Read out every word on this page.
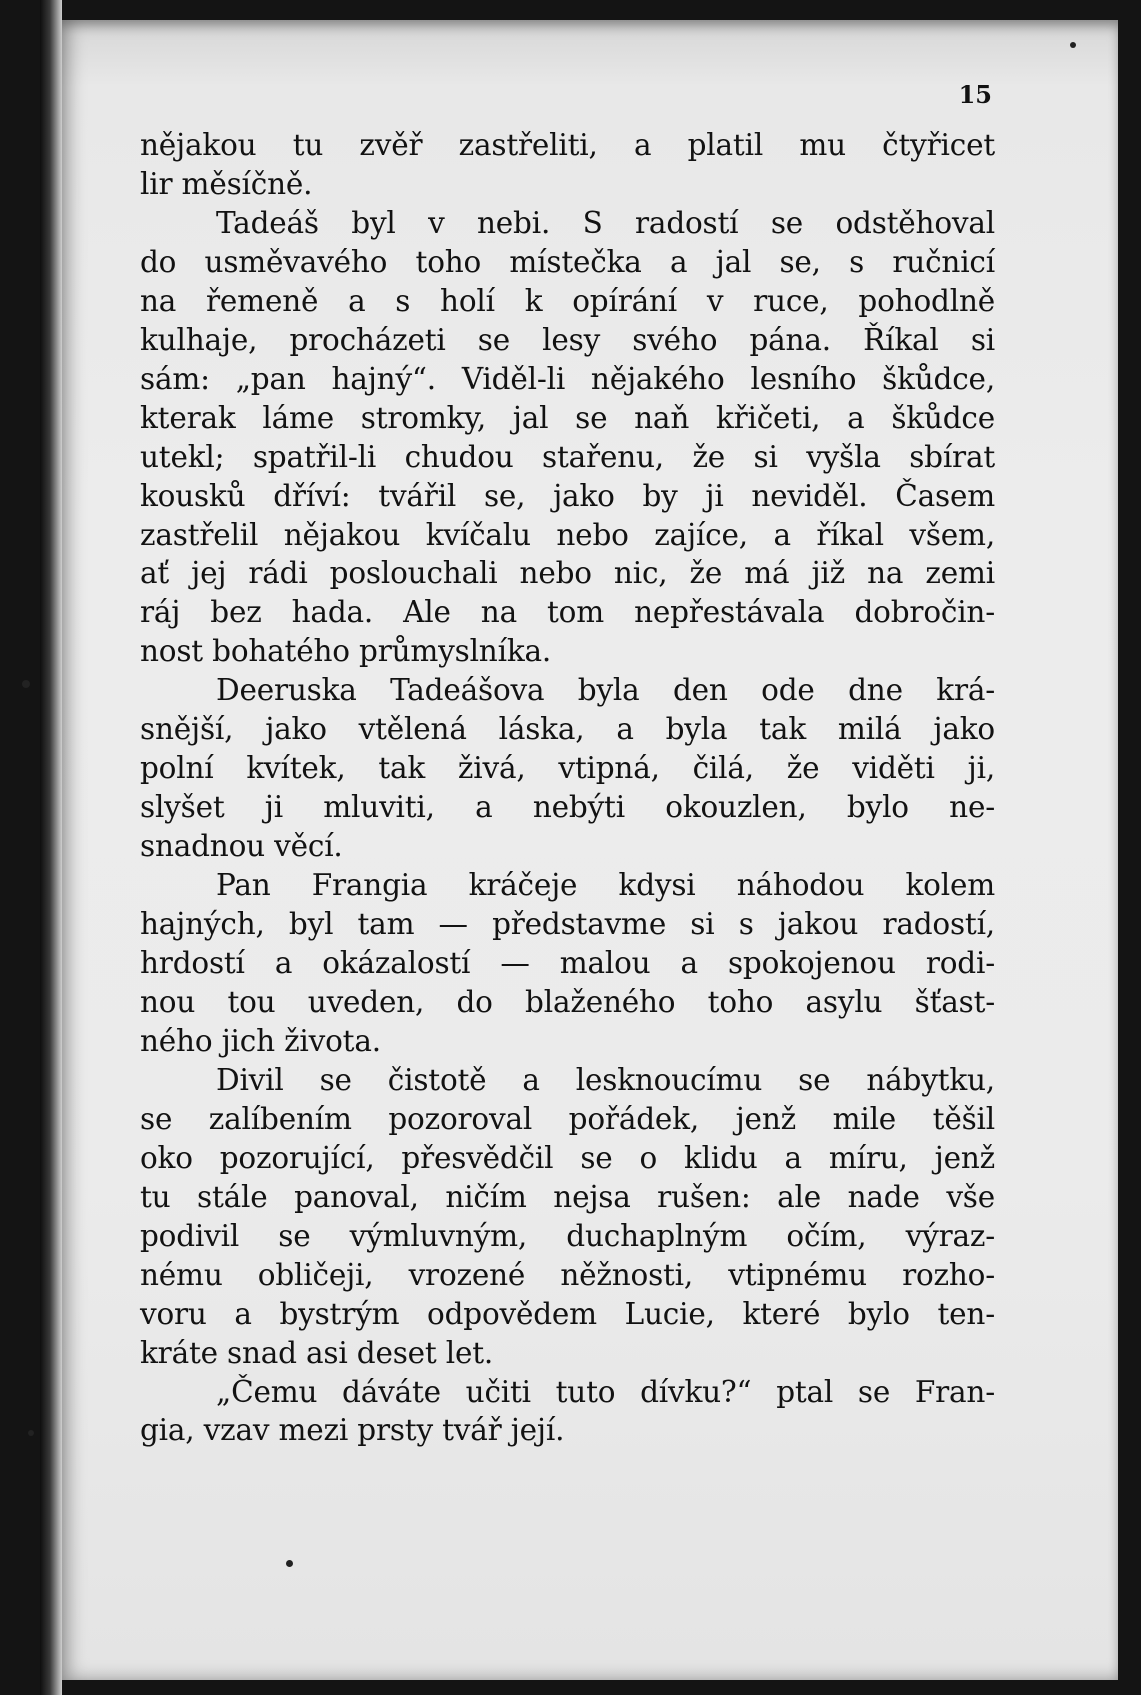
15
nějakou tu zvěř zastřeliti, a platil mu čtyřicet
lir měsíčně.
Tadeáš byl v nebi. S radostí se odstěhoval
do usměvavého toho místečka a jal se, s ručnicí
na řemeně a s holí k opírání v ruce, pohodlně
kulhaje, procházeti se lesy svého pána. Říkal si
sám: „pan hajný“. Viděl-li nějakého lesního škůdce,
kterak láme stromky, jal se naň křičeti, a škůdce
utekl; spatřil-li chudou stařenu, že si vyšla sbírat
kousků dříví: tvářil se, jako by ji neviděl. Časem
zastřelil nějakou kvíčalu nebo zajíce, a říkal všem,
ať jej rádi poslouchali nebo nic, že má již na zemi
ráj bez hada. Ale na tom nepřestávala dobročin-
nost bohatého průmyslníka.
Deeruska Tadeášova byla den ode dne krá-
snější, jako vtělená láska, a byla tak milá jako
polní kvítek, tak živá, vtipná, čilá, že viděti ji,
slyšet ji mluviti, a nebýti okouzlen, bylo ne-
snadnou věcí.
Pan Frangia kráčeje kdysi náhodou kolem
hajných, byl tam — představme si s jakou radostí,
hrdostí a okázalostí — malou a spokojenou rodi-
nou tou uveden, do blaženého toho asylu šťast-
ného jich života.
Divil se čistotě a lesknoucímu se nábytku,
se zalíbením pozoroval pořádek, jenž mile těšil
oko pozorující, přesvědčil se o klidu a míru, jenž
tu stále panoval, ničím nejsa rušen: ale nade vše
podivil se výmluvným, duchaplným očím, výraz-
nému obličeji, vrozené něžnosti, vtipnému rozho-
voru a bystrým odpovědem Lucie, které bylo ten-
kráte snad asi deset let.
„Čemu dáváte učiti tuto dívku?“ ptal se Fran-
gia, vzav mezi prsty tvář její.
